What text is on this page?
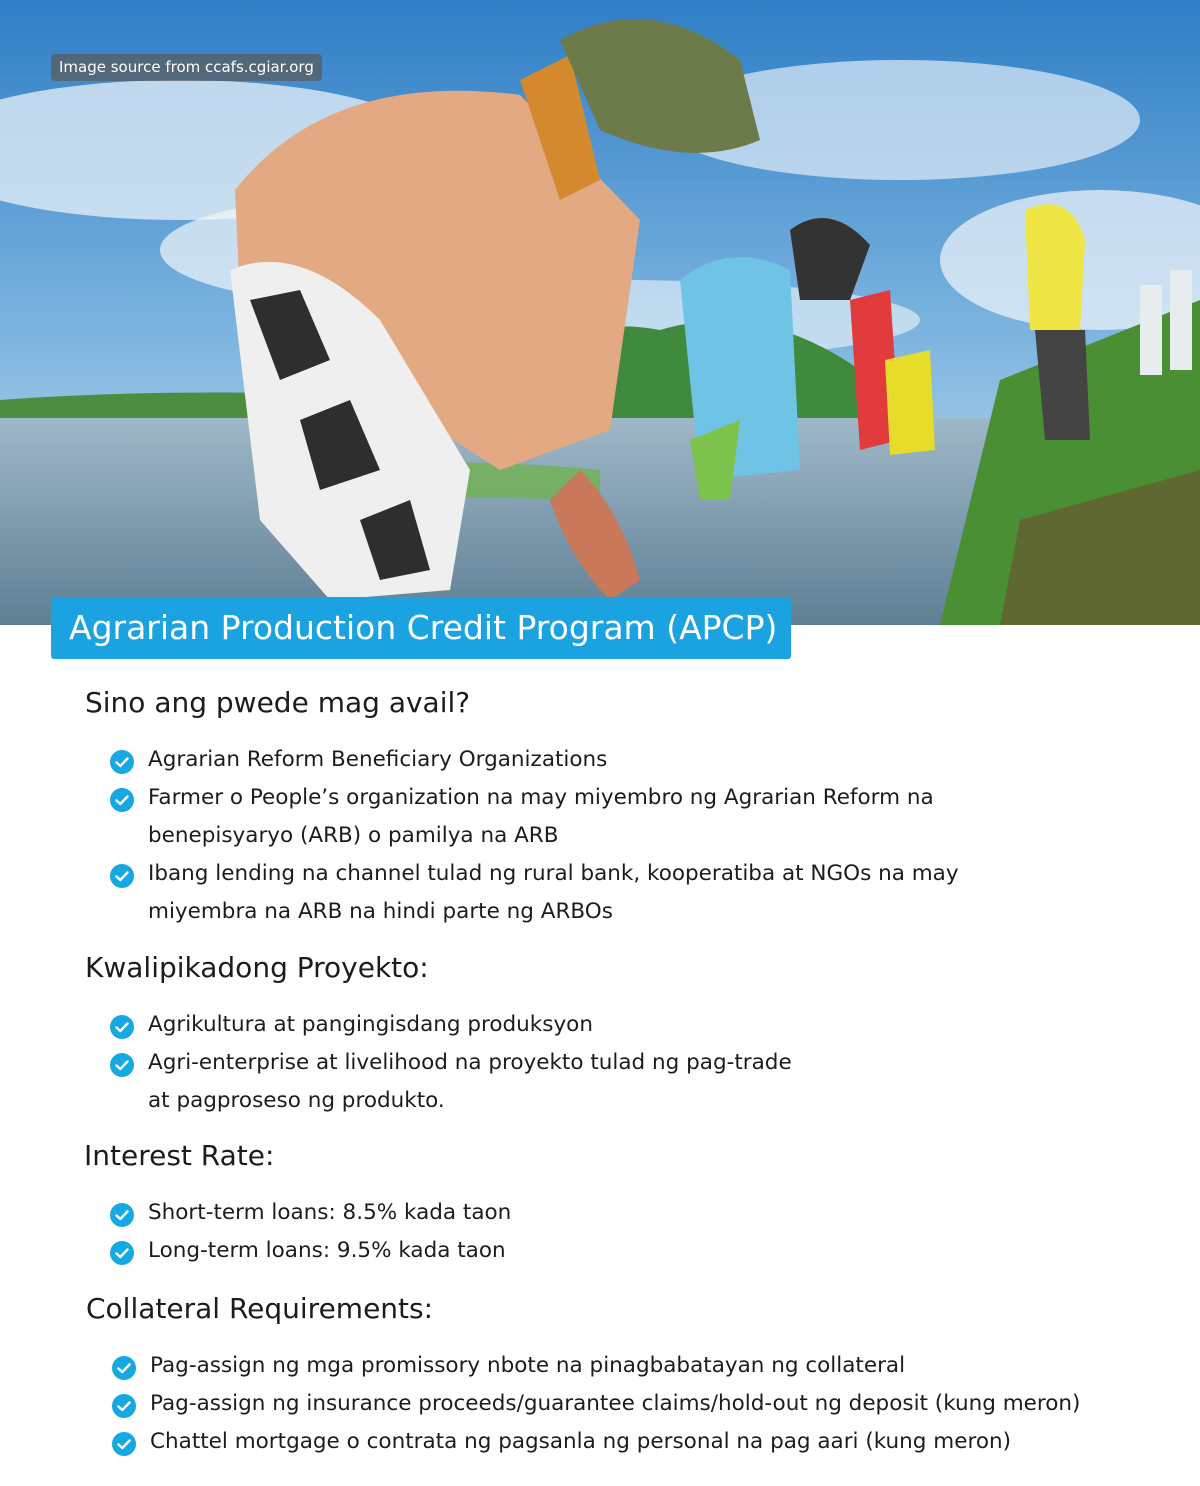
Image source from ccafs.cgiar.org
Agrarian Production Credit Program (APCP)
Sino ang pwede mag avail?
Agrarian Reform Beneficiary Organizations
Farmer o People’s organization na may miyembro ng Agrarian Reform na
benepisyaryo (ARB) o pamilya na ARB
Ibang lending na channel tulad ng rural bank, kooperatiba at NGOs na may
miyembra na ARB na hindi parte ng ARBOs
Kwalipikadong Proyekto:
Agrikultura at pangingisdang produksyon
Agri-enterprise at livelihood na proyekto tulad ng pag-trade
at pagproseso ng produkto.
Interest Rate:
Short-term loans: 8.5% kada taon
Long-term loans: 9.5% kada taon
Collateral Requirements:
Pag-assign ng mga promissory nbote na pinagbabatayan ng collateral
Pag-assign ng insurance proceeds/guarantee claims/hold-out ng deposit (kung meron)
Chattel mortgage o contrata ng pagsanla ng personal na pag aari (kung meron)
